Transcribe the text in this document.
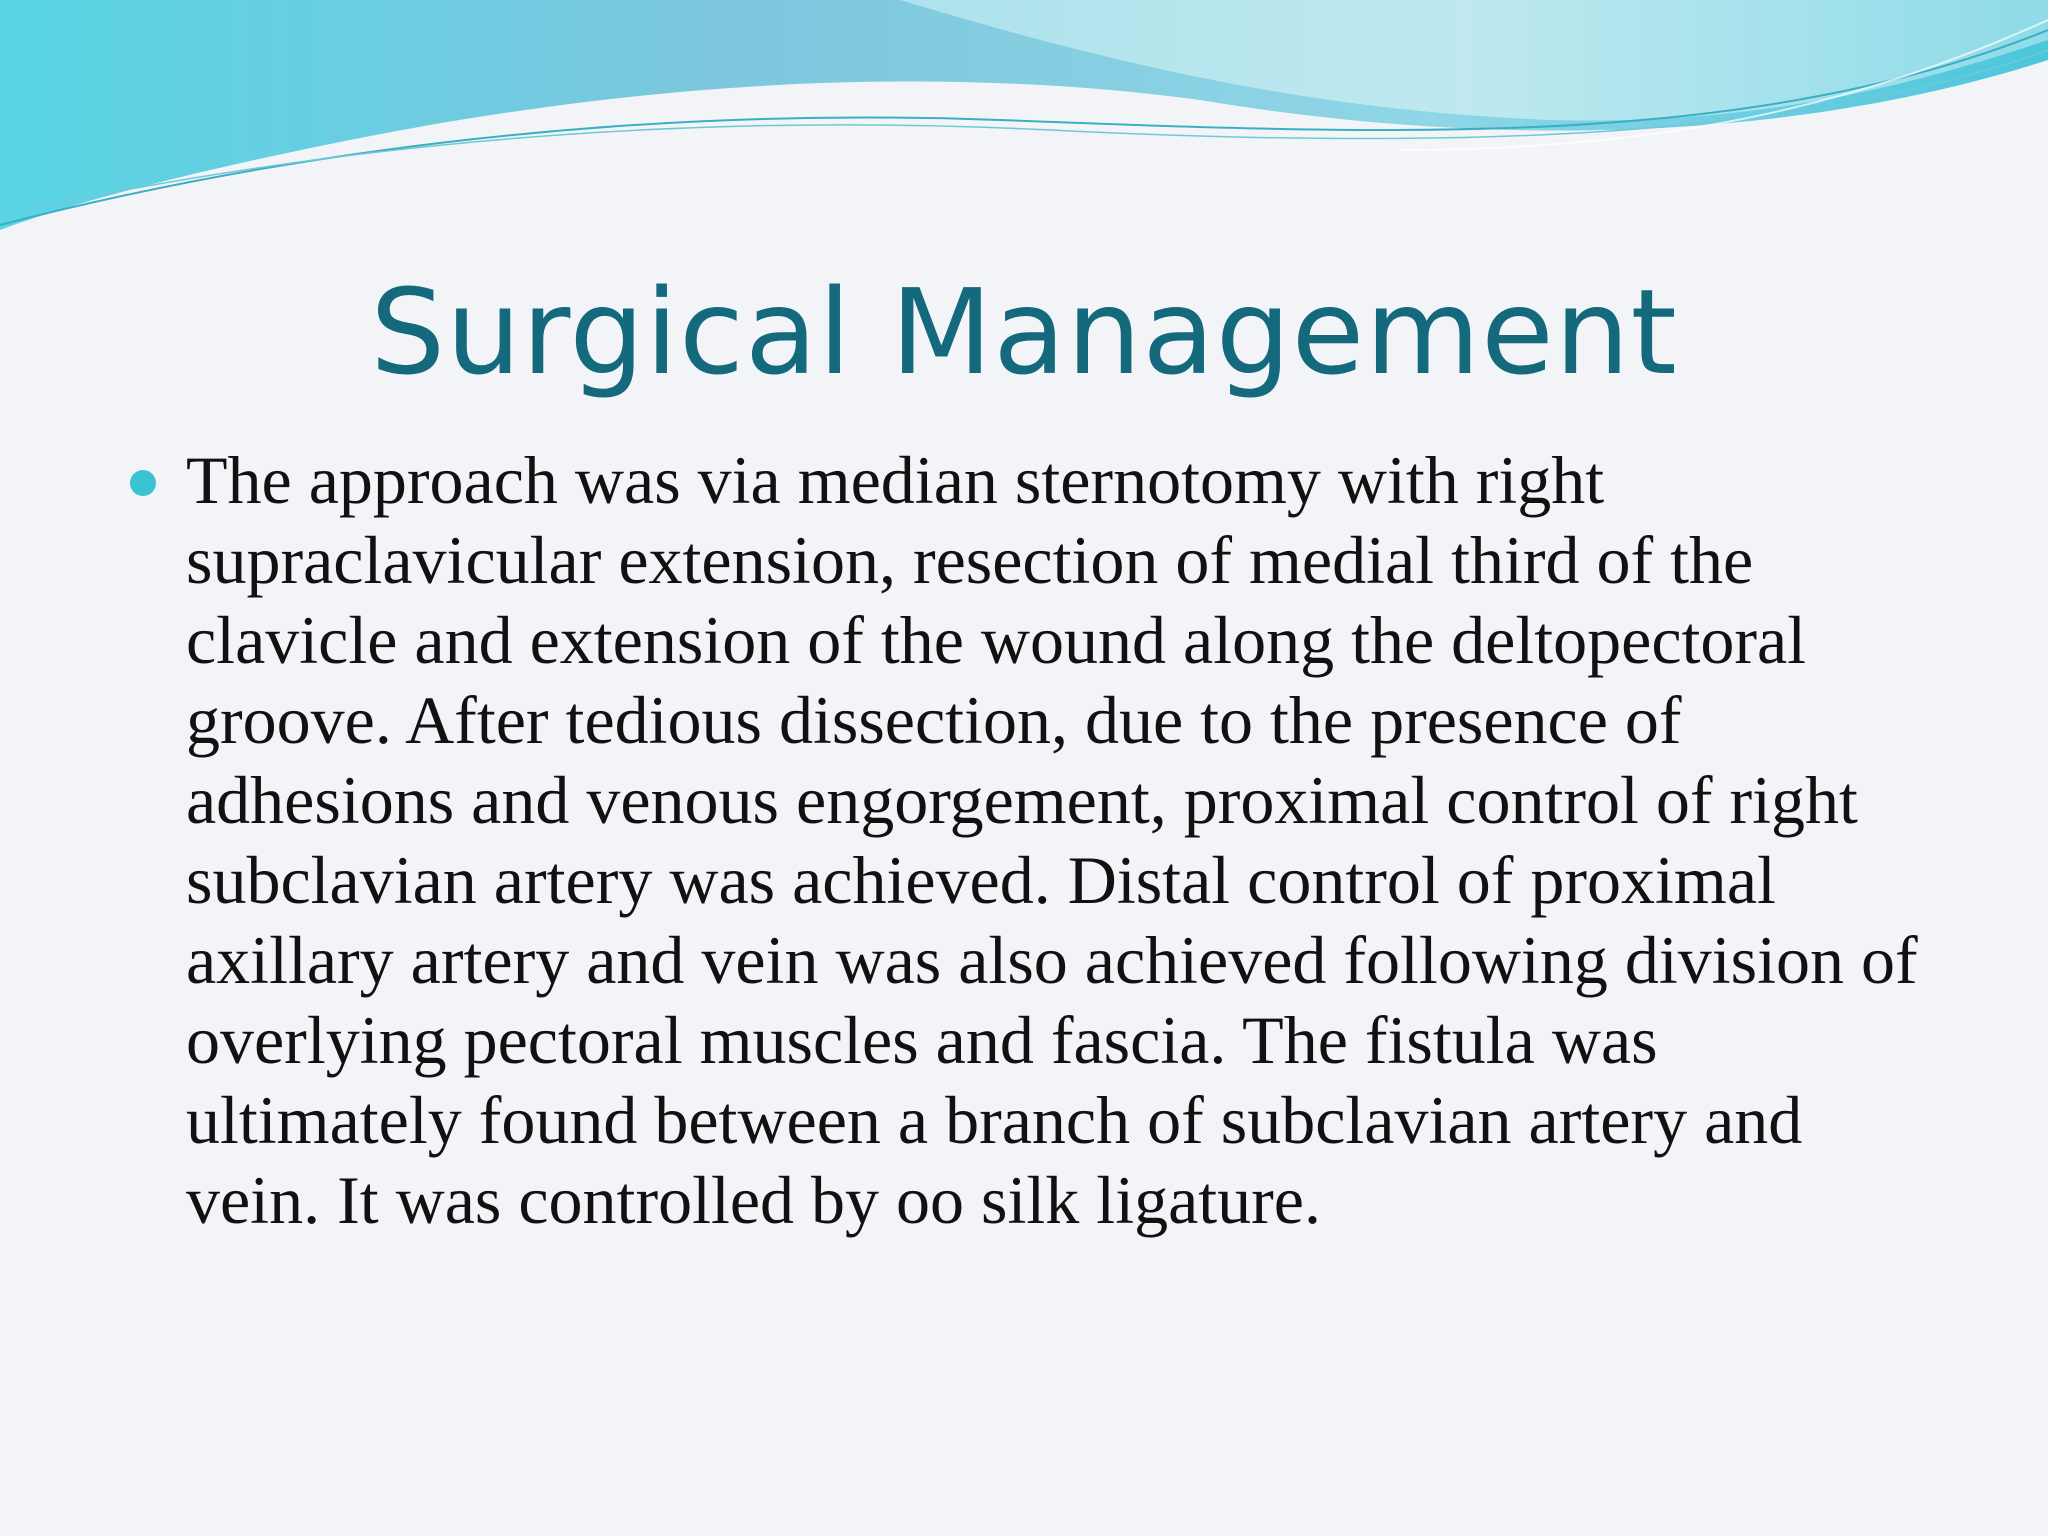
Surgical Management
The approach was via median sternotomy with right supraclavicular extension, resection of medial third of the clavicle and extension of the wound along the deltopectoral groove. After tedious dissection, due to the presence of adhesions and venous engorgement, proximal control of right subclavian artery was achieved. Distal control of proximal axillary artery and vein was also achieved following division of overlying pectoral muscles and fascia. The fistula was ultimately found between a branch of subclavian artery and vein. It was controlled by oo silk ligature.
